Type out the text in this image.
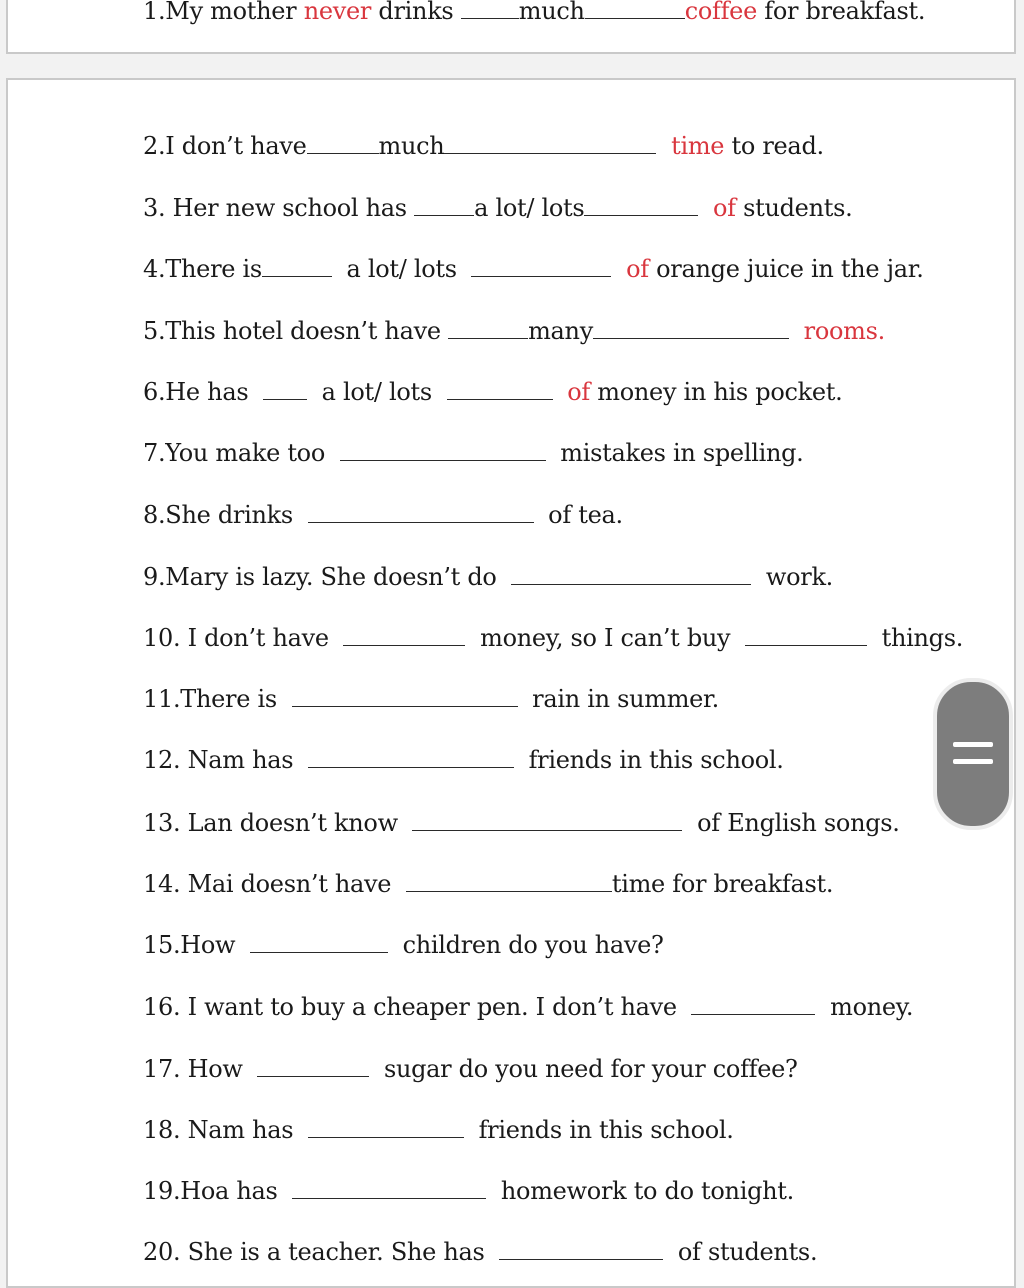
1.My mother never drinks much	coffee for breakfast.
2.I don’t have	much	time to read.
3. Her new school has	a lot/ lots	of students.
4.There is	a lot/ lots	of orange juice in the jar.
5.This hotel doesn’t have	many	rooms.
6.He has    a lot/ lots	of money in his pocket.
7.You make too	mistakes in spelling.
8.She drinks	of tea.
9.Mary is lazy. She doesn’t do	work.
10. I don’t have	money, so I can’t buy	things.
11.There is	rain in summer.
12. Nam has	friends in this school.
13. Lan doesn’t know	of English songs.
14. Mai doesn’t have	time for breakfast.
15.How	children do you have?
16. I want to buy a cheaper pen. I don’t have	money.
17. How	sugar do you need for your coffee?
18. Nam has	friends in this school.
19.Hoa has	homework to do tonight.
20. She is a teacher. She has	of students.
